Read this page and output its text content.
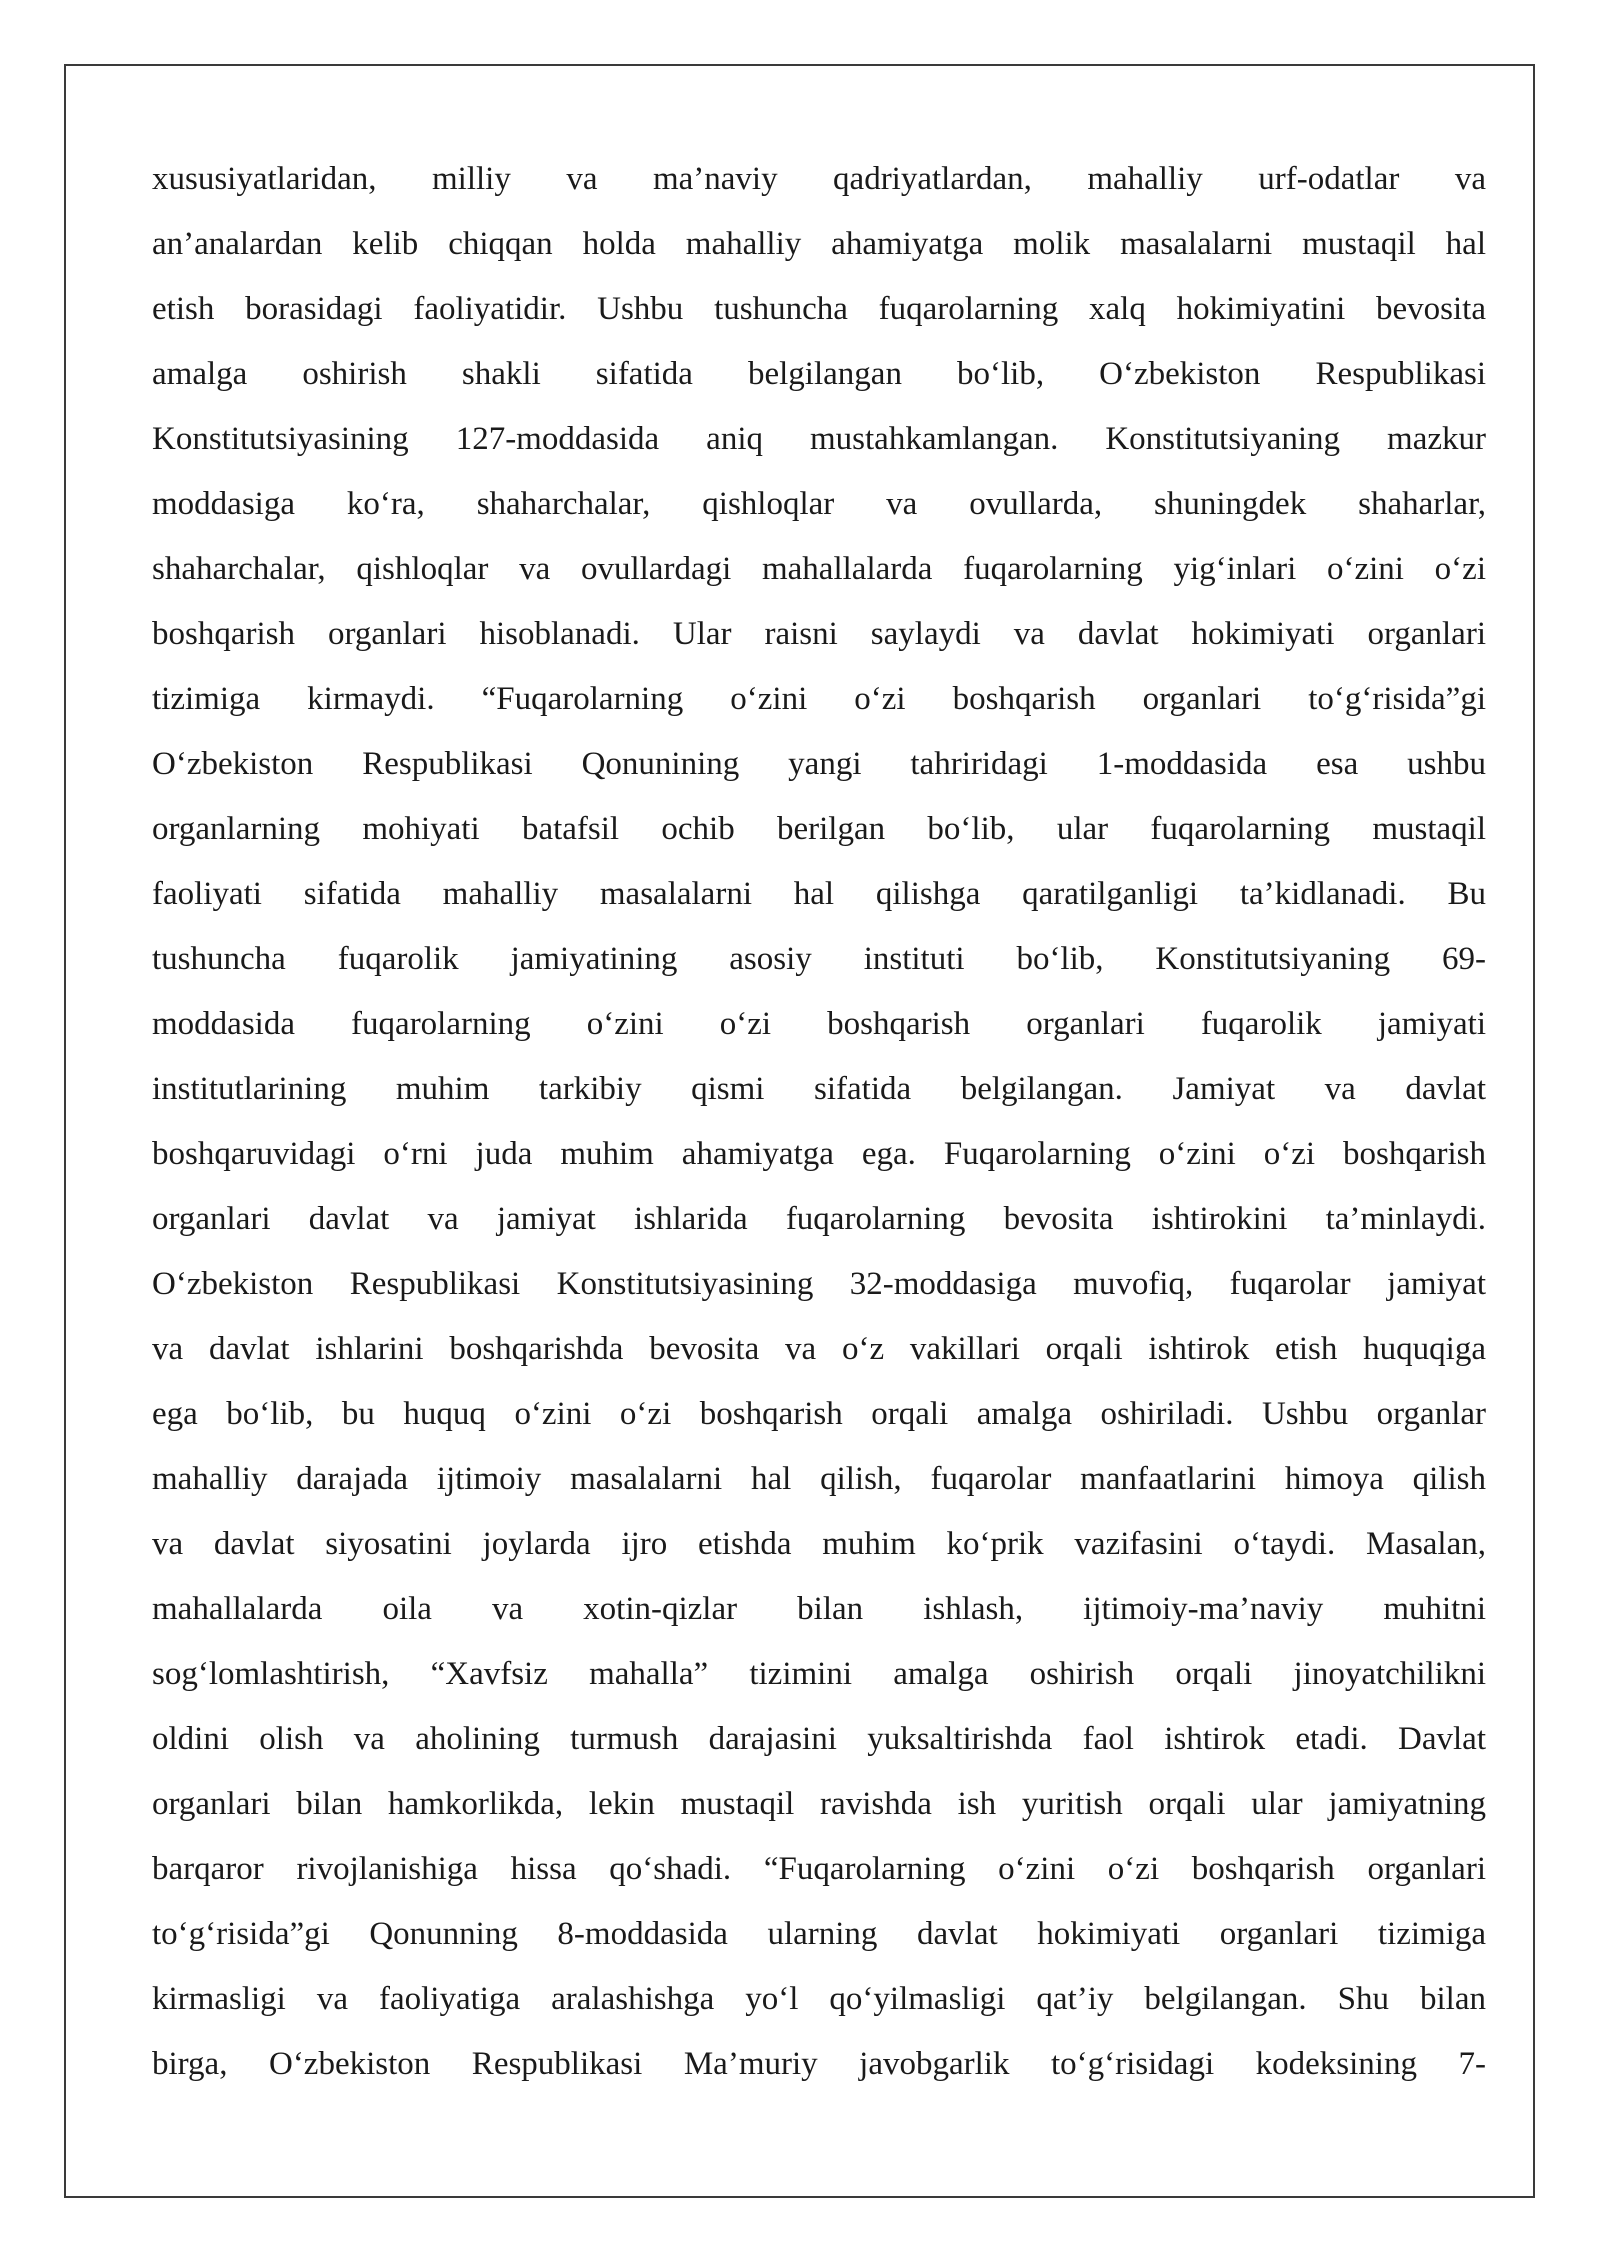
xususiyatlaridan, milliy va ma’naviy qadriyatlardan, mahalliy urf-odatlar va
an’analardan kelib chiqqan holda mahalliy ahamiyatga molik masalalarni mustaqil hal
etish borasidagi faoliyatidir. Ushbu tushuncha fuqarolarning xalq hokimiyatini bevosita
amalga oshirish shakli sifatida belgilangan bo‘lib, O‘zbekiston Respublikasi
Konstitutsiyasining 127-moddasida aniq mustahkamlangan. Konstitutsiyaning mazkur
moddasiga ko‘ra, shaharchalar, qishloqlar va ovullarda, shuningdek shaharlar,
shaharchalar, qishloqlar va ovullardagi mahallalarda fuqarolarning yig‘inlari o‘zini o‘zi
boshqarish organlari hisoblanadi. Ular raisni saylaydi va davlat hokimiyati organlari
tizimiga kirmaydi. “Fuqarolarning o‘zini o‘zi boshqarish organlari to‘g‘risida”gi
O‘zbekiston Respublikasi Qonunining yangi tahriridagi 1-moddasida esa ushbu
organlarning mohiyati batafsil ochib berilgan bo‘lib, ular fuqarolarning mustaqil
faoliyati sifatida mahalliy masalalarni hal qilishga qaratilganligi ta’kidlanadi. Bu
tushuncha fuqarolik jamiyatining asosiy instituti bo‘lib, Konstitutsiyaning 69-
moddasida fuqarolarning o‘zini o‘zi boshqarish organlari fuqarolik jamiyati
institutlarining muhim tarkibiy qismi sifatida belgilangan. Jamiyat va davlat
boshqaruvidagi o‘rni juda muhim ahamiyatga ega. Fuqarolarning o‘zini o‘zi boshqarish
organlari davlat va jamiyat ishlarida fuqarolarning bevosita ishtirokini ta’minlaydi.
O‘zbekiston Respublikasi Konstitutsiyasining 32-moddasiga muvofiq, fuqarolar jamiyat
va davlat ishlarini boshqarishda bevosita va o‘z vakillari orqali ishtirok etish huquqiga
ega bo‘lib, bu huquq o‘zini o‘zi boshqarish orqali amalga oshiriladi. Ushbu organlar
mahalliy darajada ijtimoiy masalalarni hal qilish, fuqarolar manfaatlarini himoya qilish
va davlat siyosatini joylarda ijro etishda muhim ko‘prik vazifasini o‘taydi. Masalan,
mahallalarda oila va xotin-qizlar bilan ishlash, ijtimoiy-ma’naviy muhitni
sog‘lomlashtirish, “Xavfsiz mahalla” tizimini amalga oshirish orqali jinoyatchilikni
oldini olish va aholining turmush darajasini yuksaltirishda faol ishtirok etadi. Davlat
organlari bilan hamkorlikda, lekin mustaqil ravishda ish yuritish orqali ular jamiyatning
barqaror rivojlanishiga hissa qo‘shadi. “Fuqarolarning o‘zini o‘zi boshqarish organlari
to‘g‘risida”gi Qonunning 8-moddasida ularning davlat hokimiyati organlari tizimiga
kirmasligi va faoliyatiga aralashishga yo‘l qo‘yilmasligi qat’iy belgilangan. Shu bilan
birga, O‘zbekiston Respublikasi Ma’muriy javobgarlik to‘g‘risidagi kodeksining 7-
